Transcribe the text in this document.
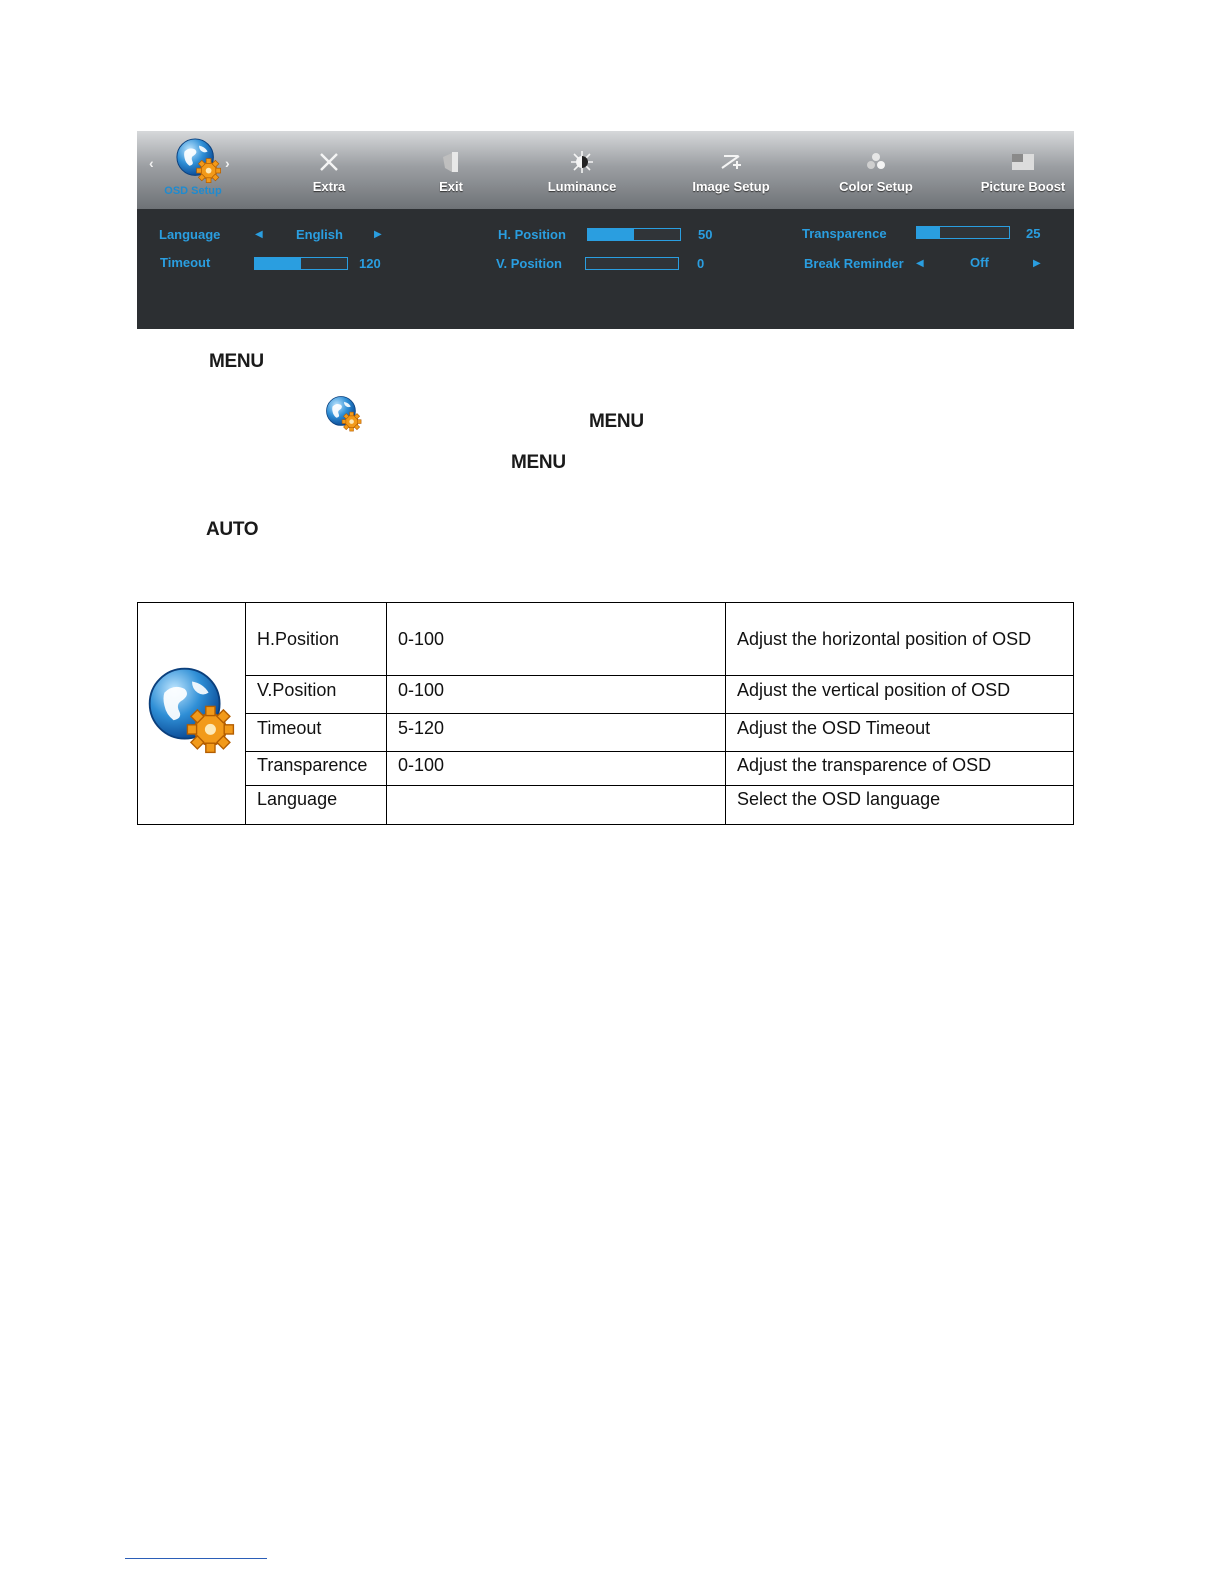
‹	›
OSD Setup	Extra	Exit	Luminance	Image Setup	Color Setup	Picture Boost
Language	◀	English	▶	H. Position	50	Transparence	25
Timeout	120	V. Position	0	Break Reminder ◀	Off	▶
MENU
MENU
MENU
AUTO
	H.Position	0-100	Adjust the horizontal position of OSD
	V.Position	0-100	Adjust the vertical position of OSD
	Timeout	5-120	Adjust the OSD Timeout
	Transparence	0-100	Adjust the transparence of OSD
	Language		Select the OSD language
